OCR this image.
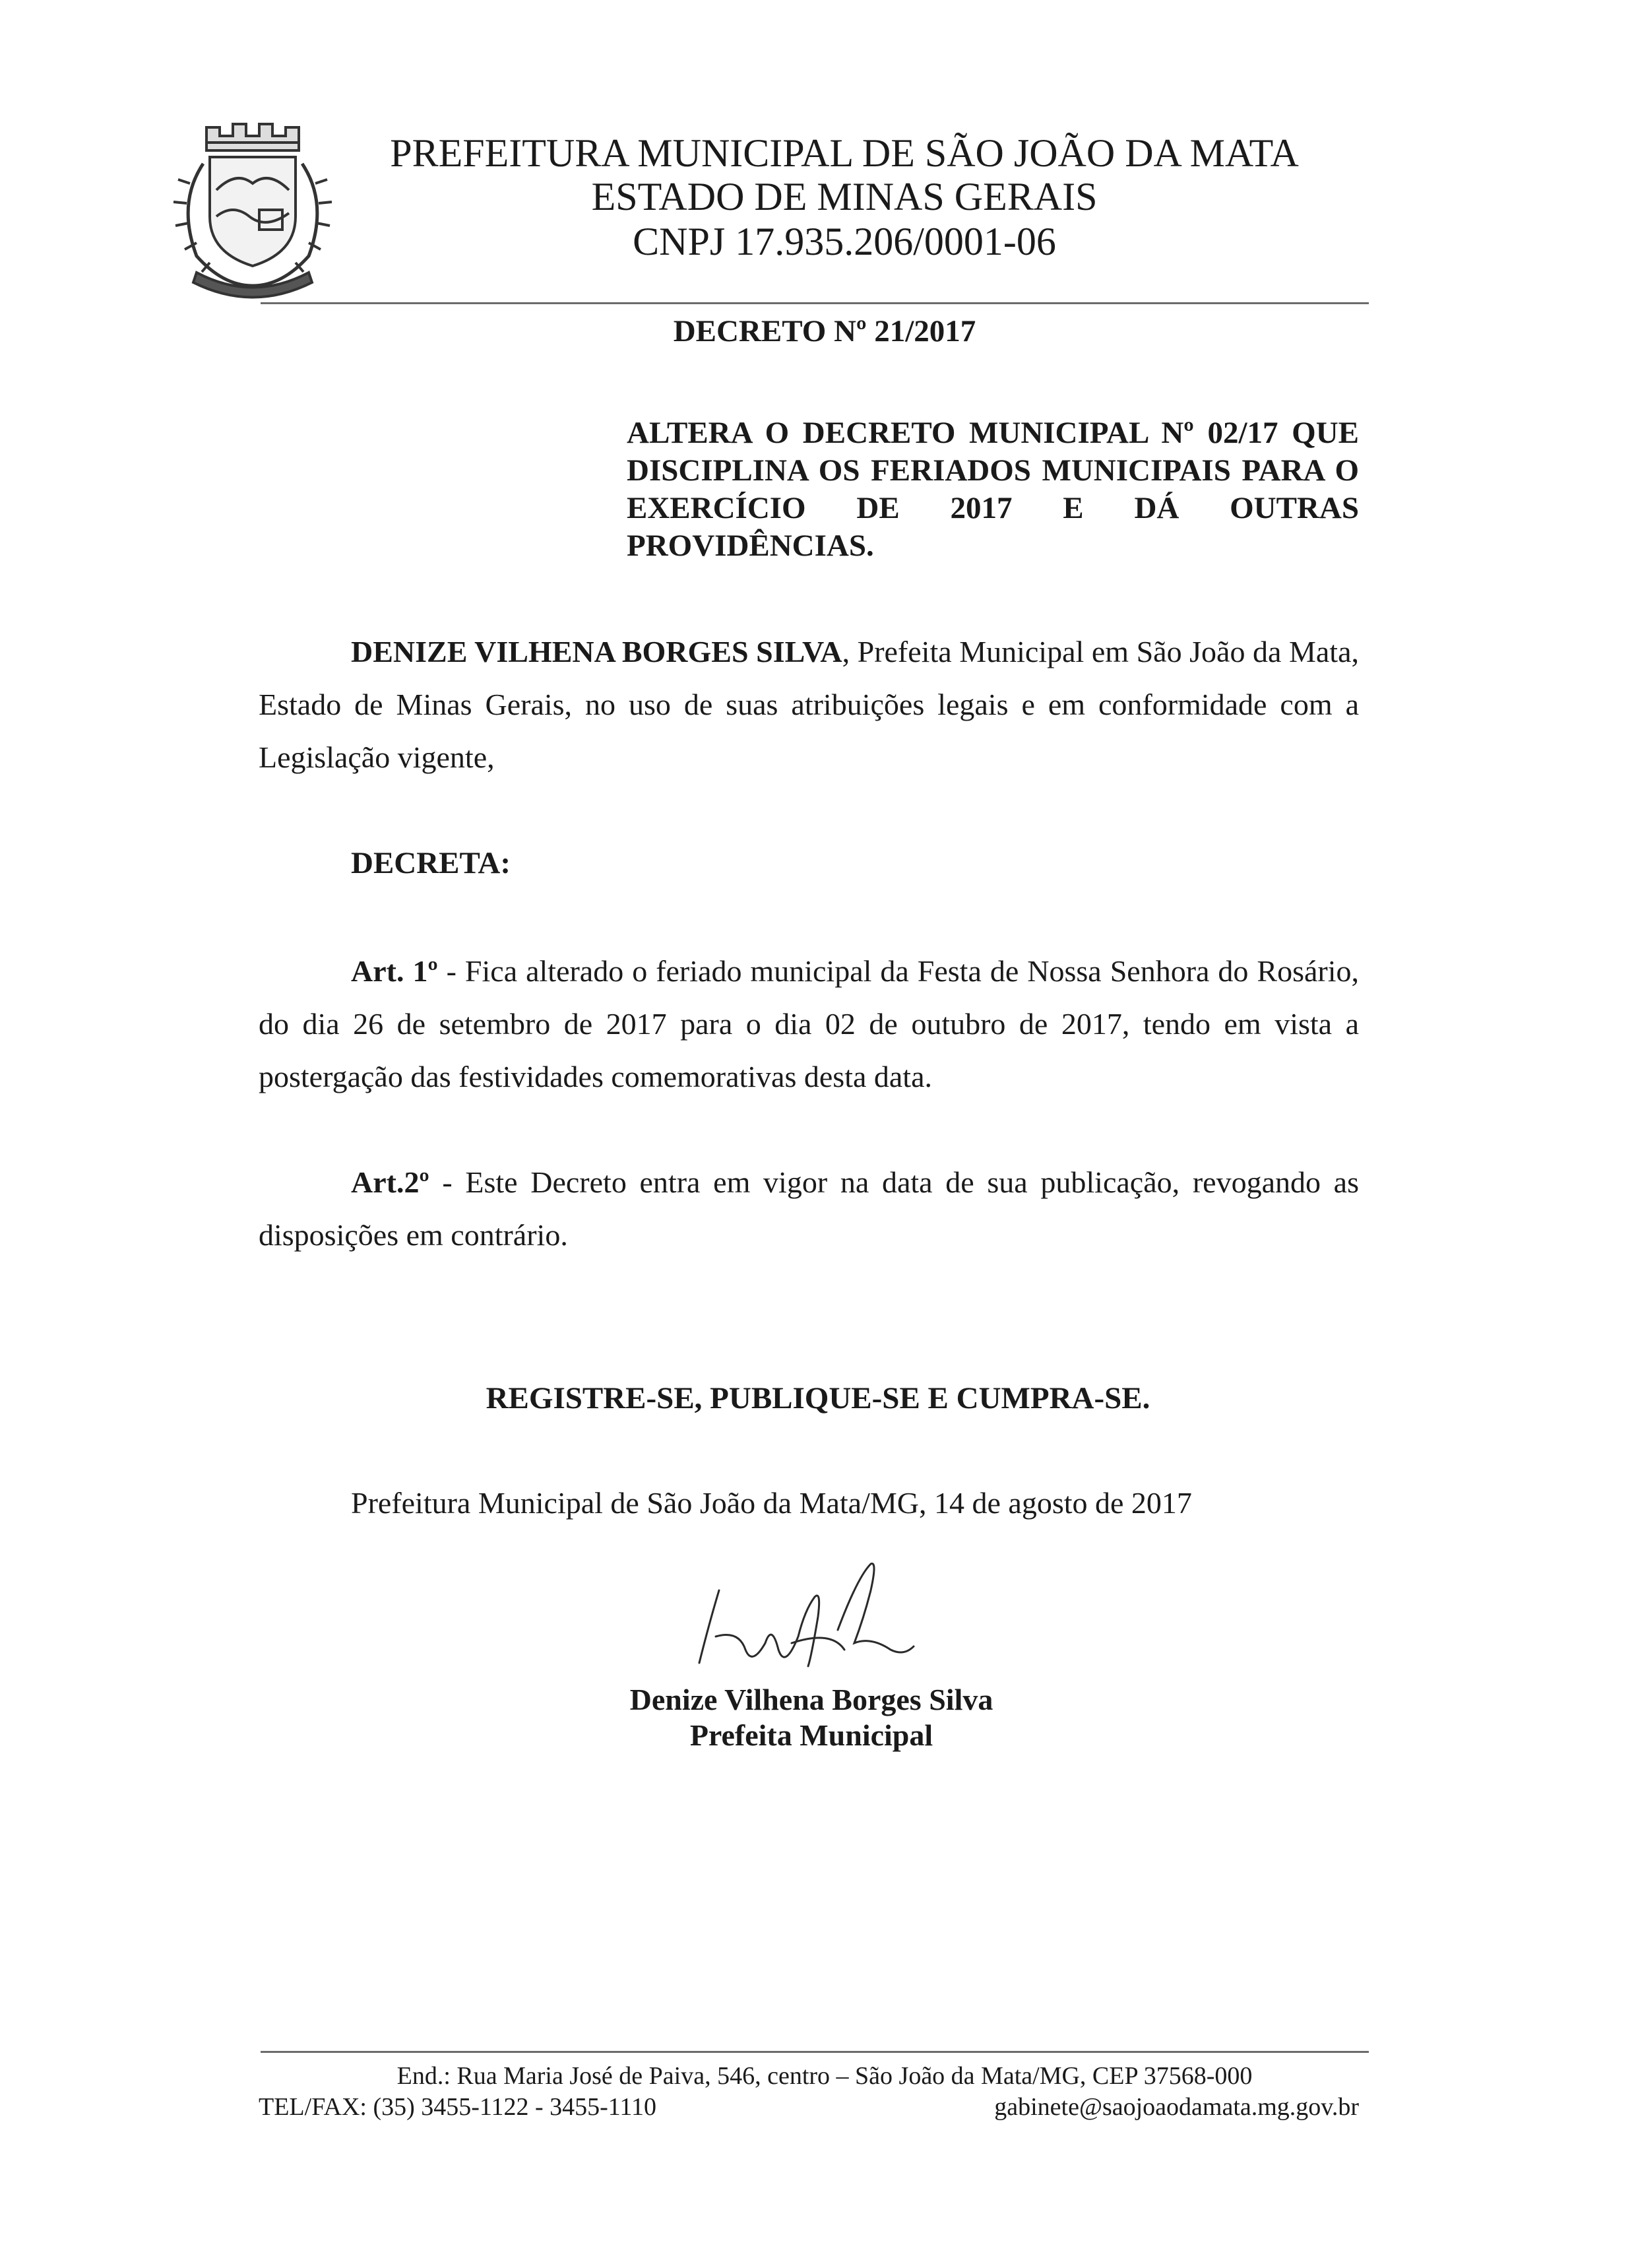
PREFEITURA MUNICIPAL DE SÃO JOÃO DA MATA
ESTADO DE MINAS GERAIS
CNPJ 17.935.206/0001-06
DECRETO Nº 21/2017
ALTERA O DECRETO MUNICIPAL Nº 02/17 QUE DISCIPLINA OS FERIADOS MUNICIPAIS PARA O EXERCÍCIO DE 2017 E DÁ OUTRAS
PROVIDÊNCIAS.

DENIZE VILHENA BORGES SILVA, Prefeita Municipal em São João da Mata, Estado de Minas Gerais, no uso de suas atribuições legais e em conformidade com a Legislação vigente,

DECRETA:

Art. 1º - Fica alterado o feriado municipal da Festa de Nossa Senhora do Rosário, do dia 26 de setembro de 2017 para o dia 02 de outubro de 2017, tendo em vista a postergação das festividades comemorativas desta data.

Art.2º - Este Decreto entra em vigor na data de sua publicação, revogando as disposições em contrário.

REGISTRE-SE, PUBLIQUE-SE E CUMPRA-SE.
Prefeitura Municipal de São João da Mata/MG, 14 de agosto de 2017
Denize Vilhena Borges Silva
Prefeita Municipal
End.: Rua Maria José de Paiva, 546, centro – São João da Mata/MG, CEP 37568-000
TEL/FAX: (35) 3455-1122 - 3455-1110	gabinete@saojoaodamata.mg.gov.br
